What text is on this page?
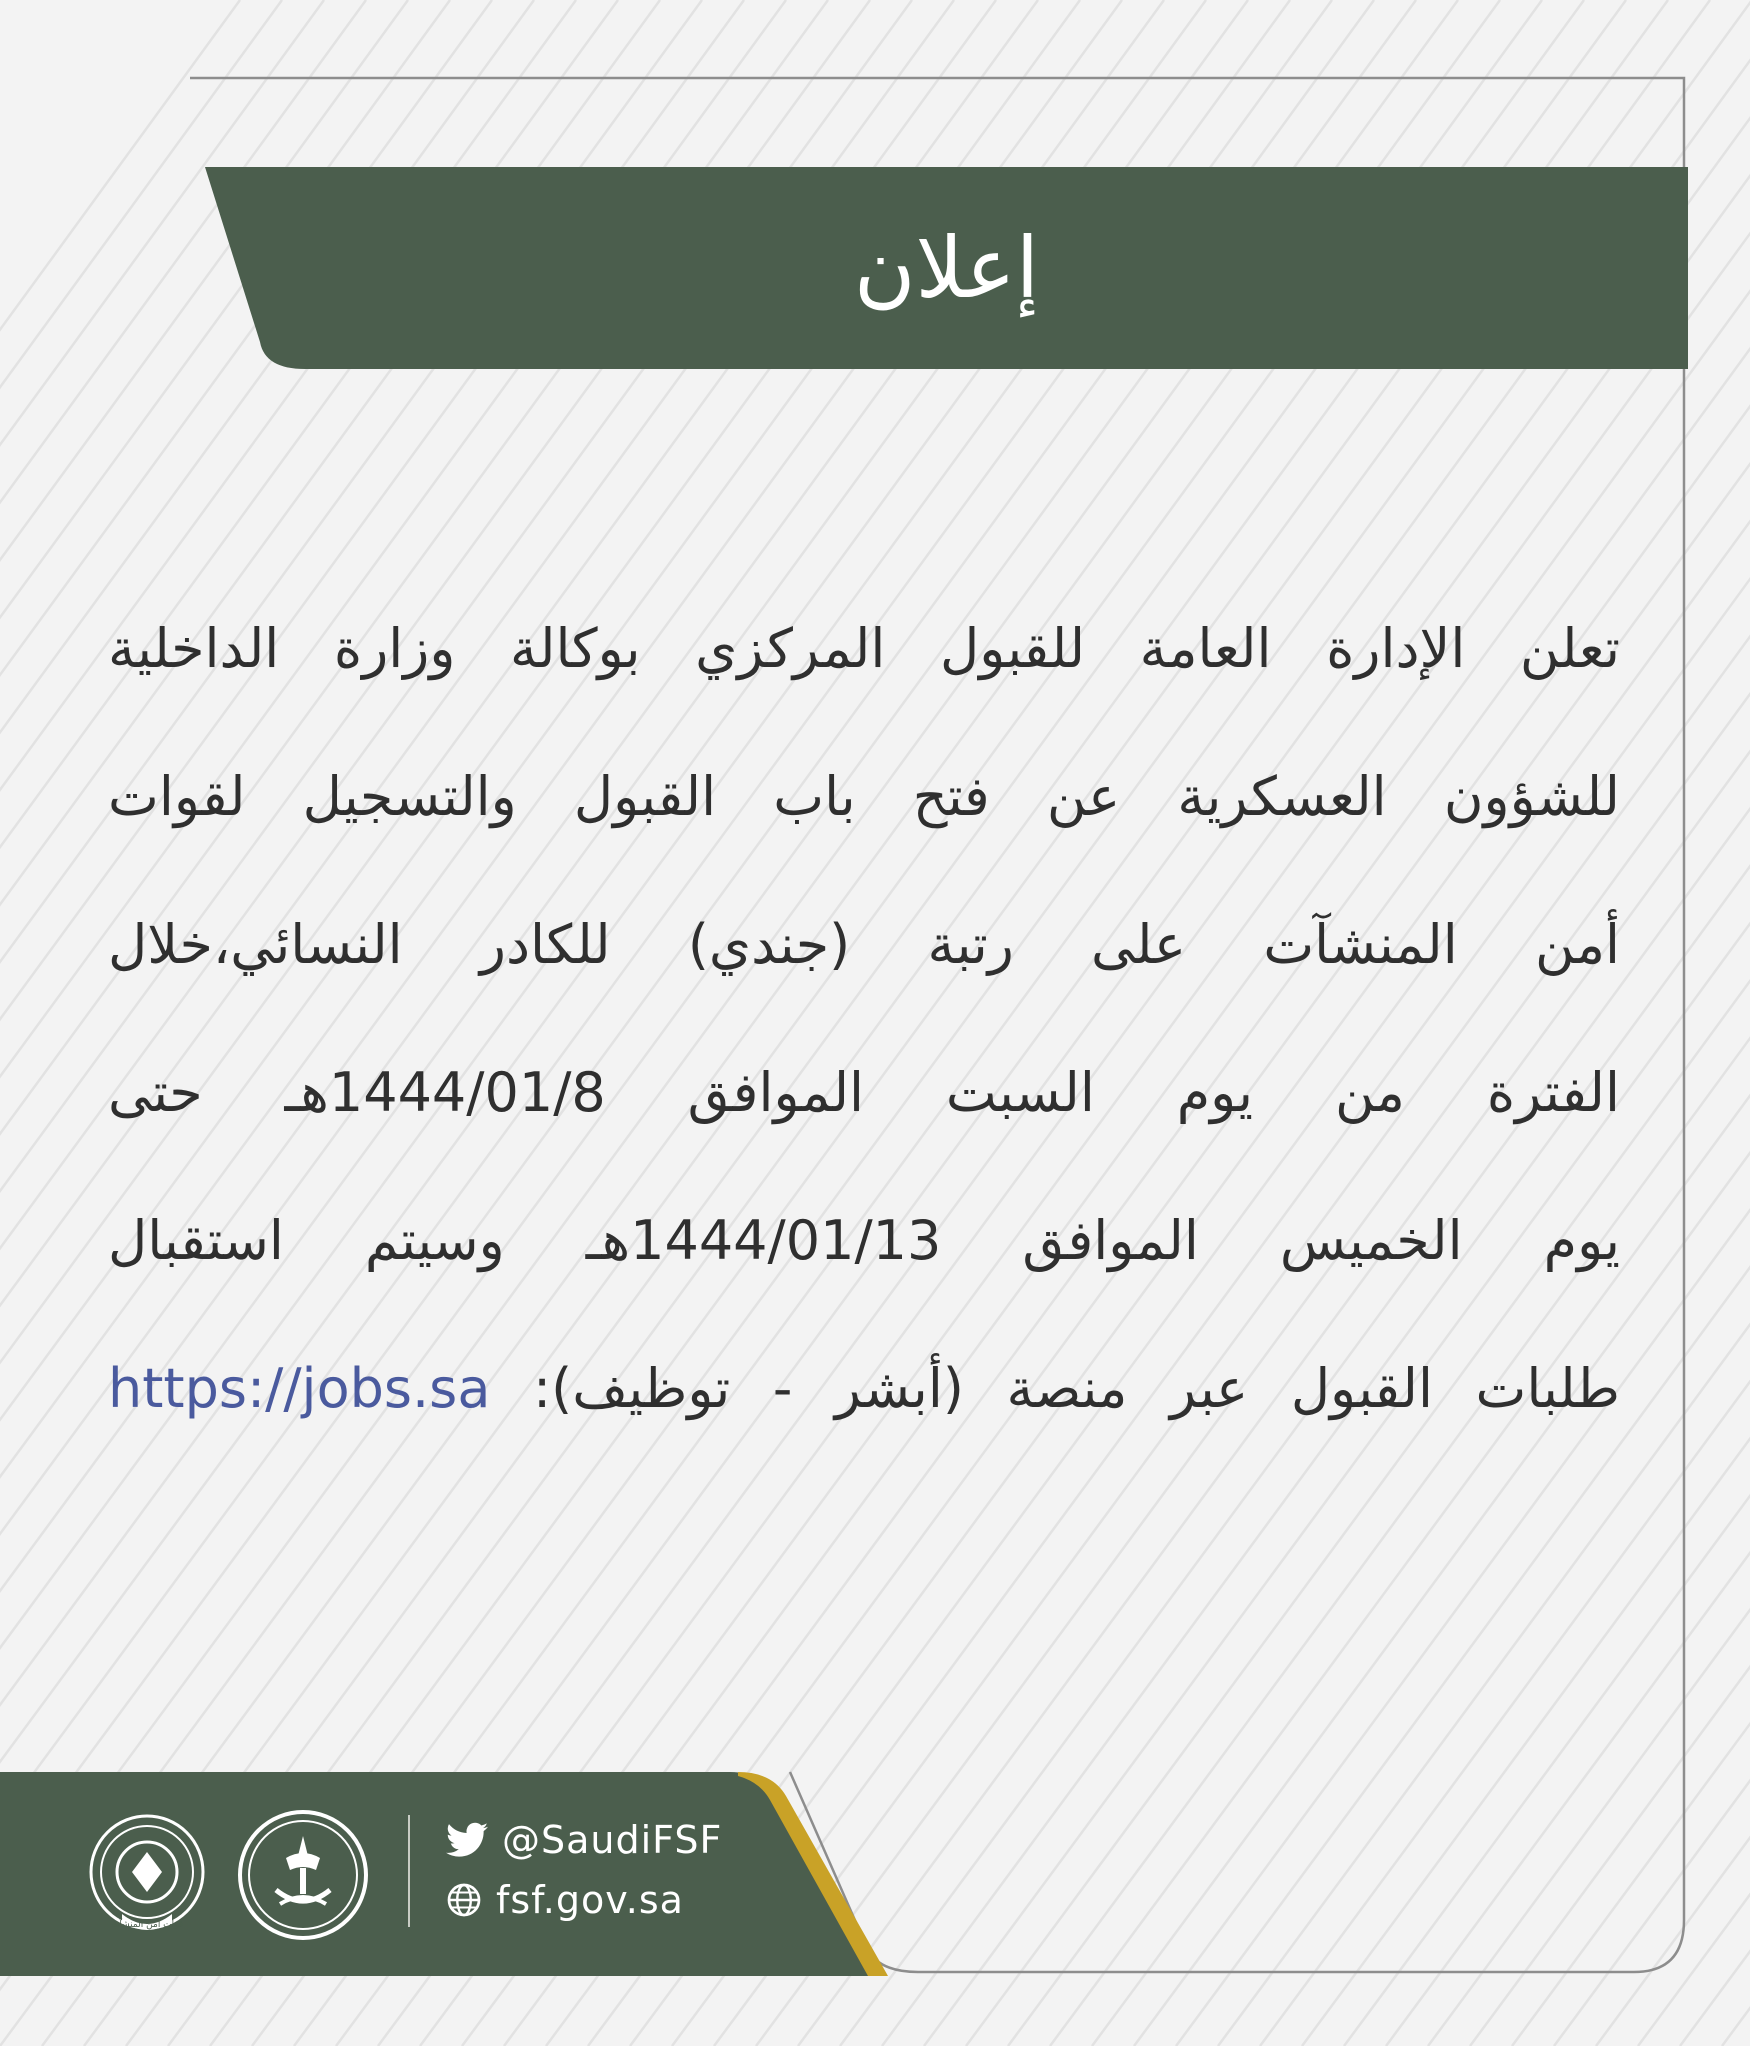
إعلان
تعلن الإدارة العامة للقبول المركزي بوكالة وزارة الداخلية
للشؤون العسكرية عن فتح باب القبول والتسجيل لقوات
أمن المنشآت على رتبة (جندي) للكادر النسائي،خلال
الفترة من يوم السبت الموافق 1444/01/8هـ حتى
يوم الخميس الموافق 1444/01/13هـ وسيتم استقبال
طلبات القبول عبر منصة (أبشر - توظيف): https://jobs.sa
قوات أمن المنشآت
@SaudiFSF
fsf.gov.sa
